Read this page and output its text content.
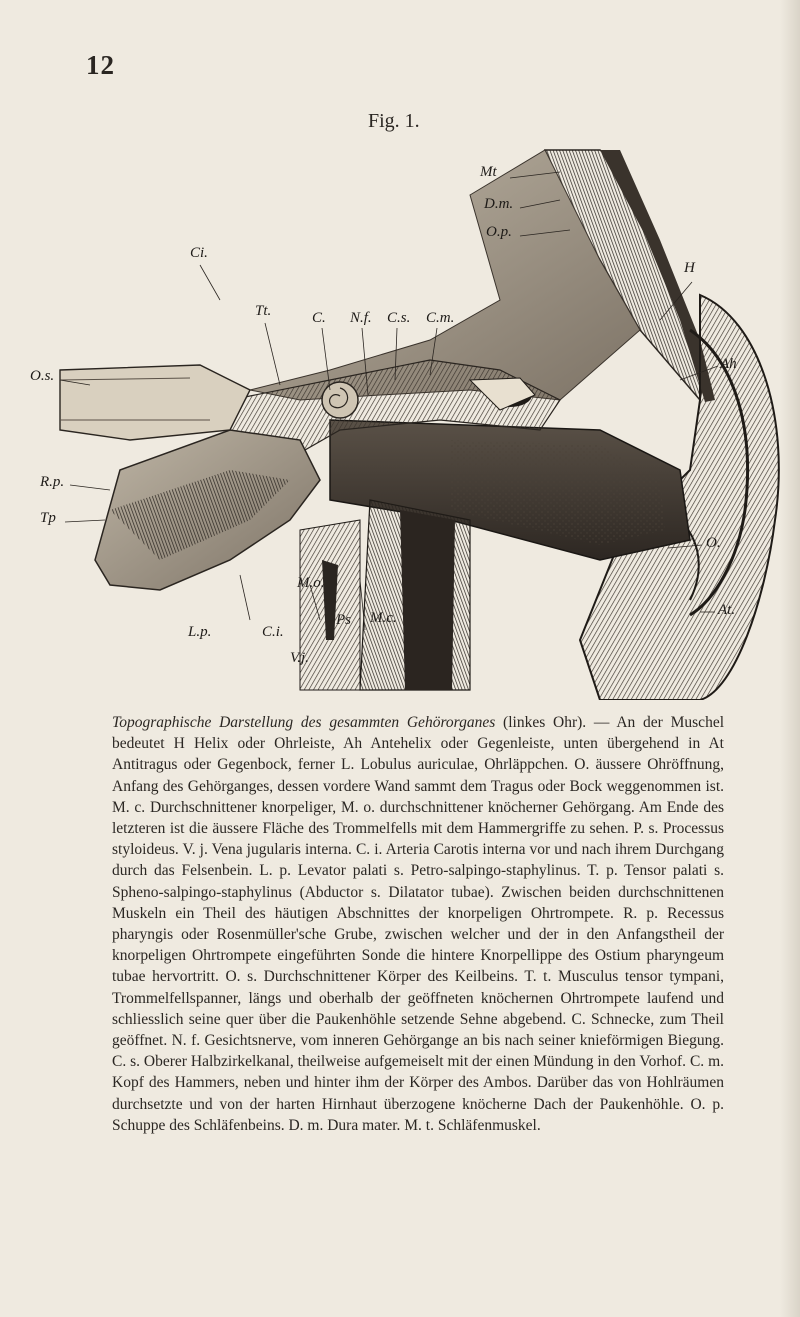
12
Fig. 1.
Mt
D.m.
O.p.
H
Ci.
Tt.	C. N.f. C.s. C.m.
O.s.
Ah
R.p.
Tp
O.
At.
M.o.
L.p.	C.i.
Ps M.c.
V.j.
Topographische Darstellung des gesammten Gehörorganes (linkes Ohr). — An der Muschel bedeutet H Helix oder Ohrleiste, Ah Antehelix oder Gegenleiste, unten übergehend in At Antitragus oder Gegenbock, ferner L. Lobulus auriculae, Ohrläppchen. O. äussere Ohröffnung, Anfang des Gehörganges, dessen vordere Wand sammt dem Tragus oder Bock weggenommen ist. M. c. Durchschnittener knorpeliger, M. o. durchschnittener knöcherner Gehörgang. Am Ende des letzteren ist die äussere Fläche des Trommelfells mit dem Hammergriffe zu sehen. P. s. Processus styloideus. V. j. Vena jugularis interna. C. i. Arteria Carotis interna vor und nach ihrem Durchgang durch das Felsenbein. L. p. Levator palati s. Petro-salpingo-staphylinus. T. p. Tensor palati s. Spheno-salpingo-staphylinus (Abductor s. Dilatator tubae). Zwischen beiden durchschnittenen Muskeln ein Theil des häutigen Abschnittes der knorpeligen Ohrtrompete. R. p. Recessus pharyngis oder Rosenmüller'sche Grube, zwischen welcher und der in den Anfangstheil der knorpeligen Ohrtrompete eingeführten Sonde die hintere Knorpellippe des Ostium pharyngeum tubae hervortritt. O. s. Durchschnittener Körper des Keilbeins. T. t. Musculus tensor tympani, Trommelfellspanner, längs und oberhalb der geöffneten knöchernen Ohrtrompete laufend und schliesslich seine quer über die Paukenhöhle setzende Sehne abgebend. C. Schnecke, zum Theil geöffnet. N. f. Gesichtsnerve, vom inneren Gehörgange an bis nach seiner knieförmigen Biegung. C. s. Oberer Halbzirkelkanal, theilweise aufgemeiselt mit der einen Mündung in den Vorhof. C. m. Kopf des Hammers, neben und hinter ihm der Körper des Ambos. Darüber das von Hohlräumen durchsetzte und von der harten Hirnhaut überzogene knöcherne Dach der Paukenhöhle. O. p. Schuppe des Schläfenbeins. D. m. Dura mater. M. t. Schläfenmuskel.
